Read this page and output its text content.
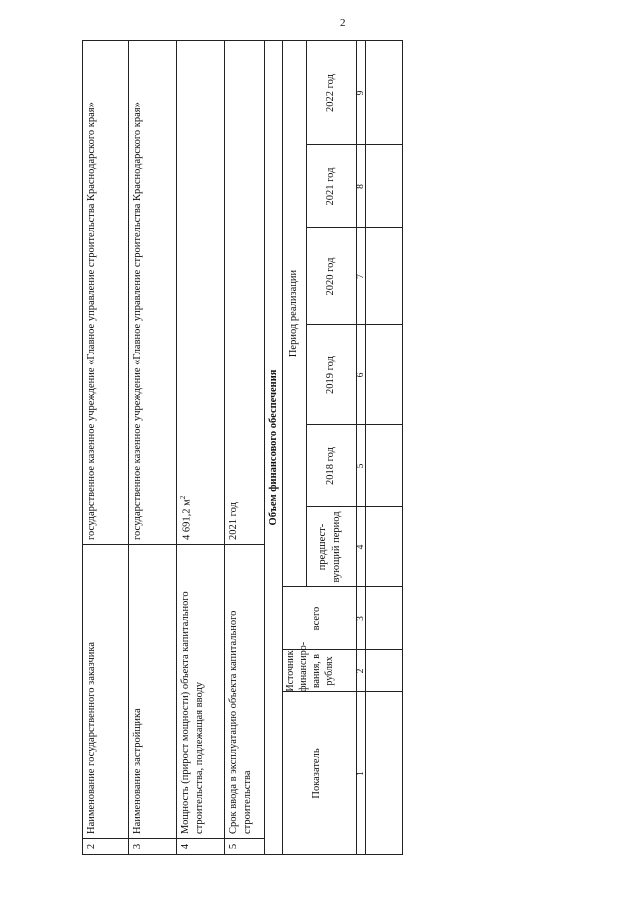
2
2
Наименование государственного заказчика
государственное казенное учреждение «Главное управление строительства Краснодарского края»
3
Наименование застройщика
государственное казенное учреждение «Главное управление строительства Краснодарского края»
4
Мощность (прирост мощности) объекта капитального строительства, подлежащая вводу
4 691,2 $м^2$
5
Срок ввода в эксплуатацию объекта капитального строительства
2021 год	Объем финансового обеспечения
Показатель
Источник финансиро-вания, в рублях
всего
Период реализации
предшест-вующий период
2018 год
2019 год
2020 год
2021 год
2022 год
1
2
3
4
5
6
7
8
9
